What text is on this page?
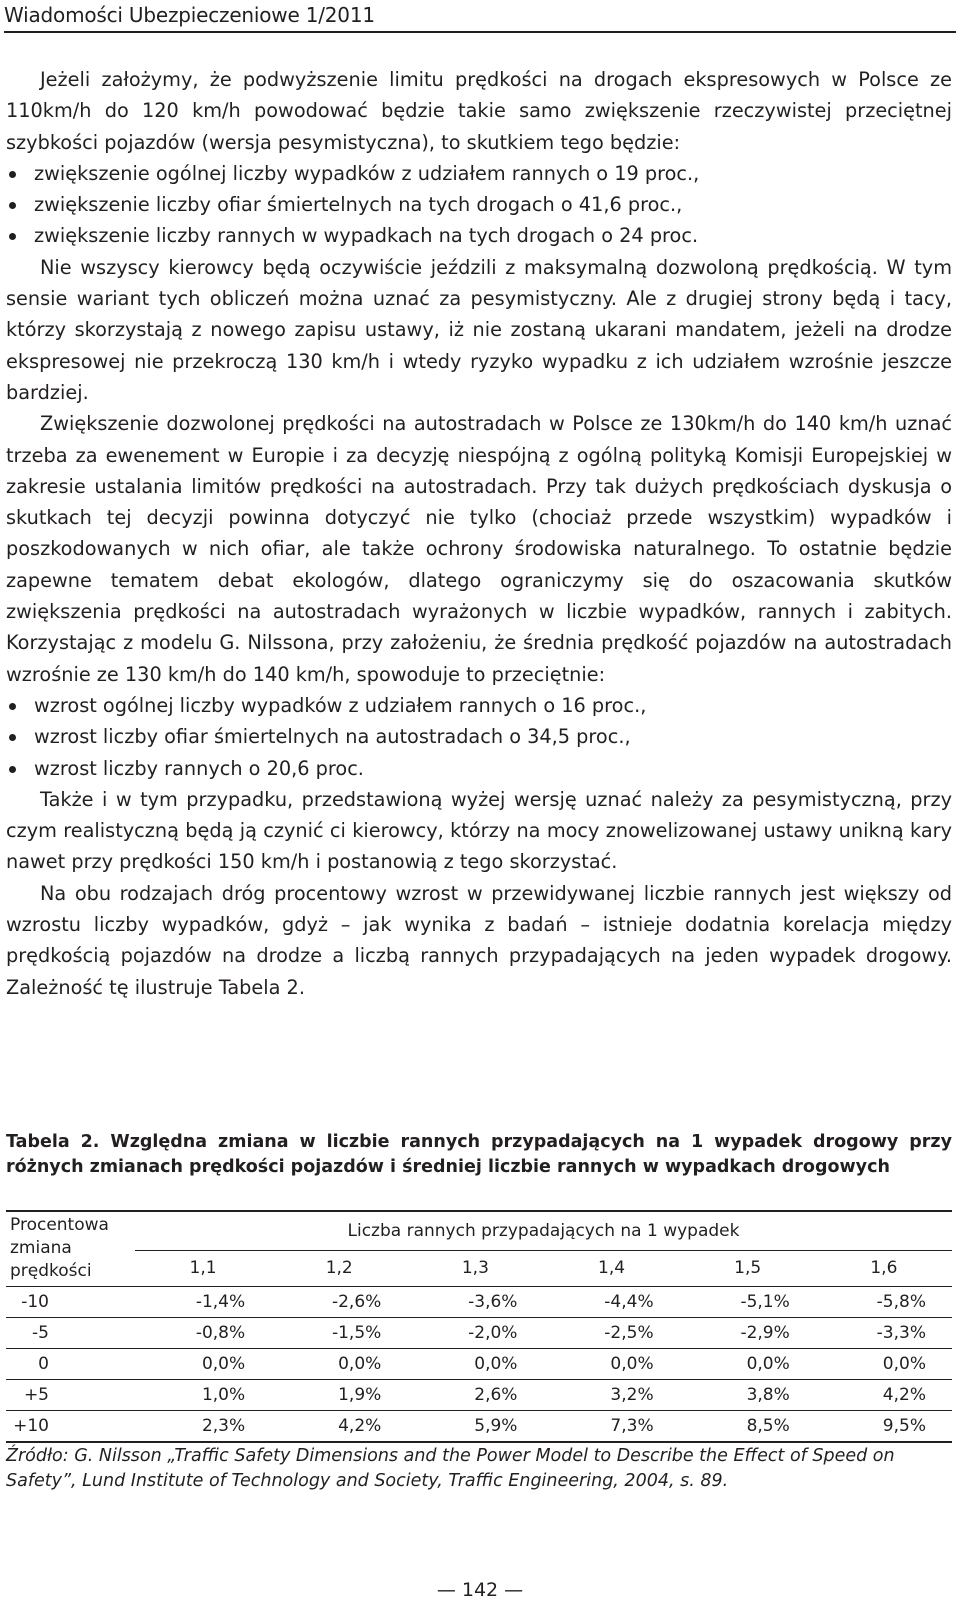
Wiadomości Ubezpieczeniowe 1/2011

Jeżeli założymy, że podwyższenie limitu prędkości na drogach ekspresowych w Polsce ze 110km/h do 120 km/h powodować będzie takie samo zwiększenie rzeczywistej przeciętnej szybkości pojazdów (wersja pesymistyczna), to skutkiem tego będzie:

zwiększenie ogólnej liczby wypadków z udziałem rannych o 19 proc.,
zwiększenie liczby ofiar śmiertelnych na tych drogach o 41,6 proc.,
zwiększenie liczby rannych w wypadkach na tych drogach o 24 proc.

Nie wszyscy kierowcy będą oczywiście jeździli z maksymalną dozwoloną prędkością. W tym sensie wariant tych obliczeń można uznać za pesymistyczny. Ale z drugiej strony będą i tacy, którzy skorzystają z nowego zapisu ustawy, iż nie zostaną ukarani mandatem, jeżeli na drodze ekspresowej nie przekroczą 130 km/h i wtedy ryzyko wypadku z ich udziałem wzrośnie jeszcze bardziej.

Zwiększenie dozwolonej prędkości na autostradach w Polsce ze 130km/h do 140 km/h uznać trzeba za ewenement w Europie i za decyzję niespójną z ogólną polityką Komisji Europejskiej w zakresie ustalania limitów prędkości na autostradach. Przy tak dużych prędkościach dyskusja o skutkach tej decyzji powinna dotyczyć nie tylko (chociaż przede wszystkim) wypadków i poszkodowanych w nich ofiar, ale także ochrony środowiska naturalnego. To ostatnie będzie zapewne tematem debat ekologów, dlatego ograniczymy się do oszacowania skutków zwiększenia prędkości na autostradach wyrażonych w liczbie wypadków, rannych i zabitych. Korzystając z modelu G. Nilssona, przy założeniu, że średnia prędkość pojazdów na autostradach wzrośnie ze 130 km/h do 140 km/h, spowoduje to przeciętnie:

wzrost ogólnej liczby wypadków z udziałem rannych o 16 proc.,
wzrost liczby ofiar śmiertelnych na autostradach o 34,5 proc.,
wzrost liczby rannych o 20,6 proc.

Także i w tym przypadku, przedstawioną wyżej wersję uznać należy za pesymistyczną, przy czym realistyczną będą ją czynić ci kierowcy, którzy na mocy znowelizowanej ustawy unikną kary nawet przy prędkości 150 km/h i postanowią z tego skorzystać.

Na obu rodzajach dróg procentowy wzrost w przewidywanej liczbie rannych jest większy od wzrostu liczby wypadków, gdyż – jak wynika z badań – istnieje dodatnia korelacja między prędkością pojazdów na drodze a liczbą rannych przypadających na jeden wypadek drogowy. Zależność tę ilustruje Tabela 2.

Tabela 2. Względna zmiana w liczbie rannych przypadających na 1 wypadek drogowy przy różnych zmianach prędkości pojazdów i średniej liczbie rannych w wypadkach drogowych
Procentowa zmiana prędkości	Liczba rannych przypadających na 1 wypadek					
	1,1	1,2	1,3	1,4	1,5	1,6
-10	-1,4%	-2,6%	-3,6%	-4,4%	-5,1%	-5,8%
-5	-0,8%	-1,5%	-2,0%	-2,5%	-2,9%	-3,3%
0	0,0%	0,0%	0,0%	0,0%	0,0%	0,0%
+5	1,0%	1,9%	2,6%	3,2%	3,8%	4,2%
+10	2,3%	4,2%	5,9%	7,3%	8,5%	9,5%
Źródło: G. Nilsson „Traffic Safety Dimensions and the Power Model to Describe the Effect of Speed on Safety”, Lund Institute of Technology and Society, Traffic Engineering, 2004, s. 89.
— 142 —
